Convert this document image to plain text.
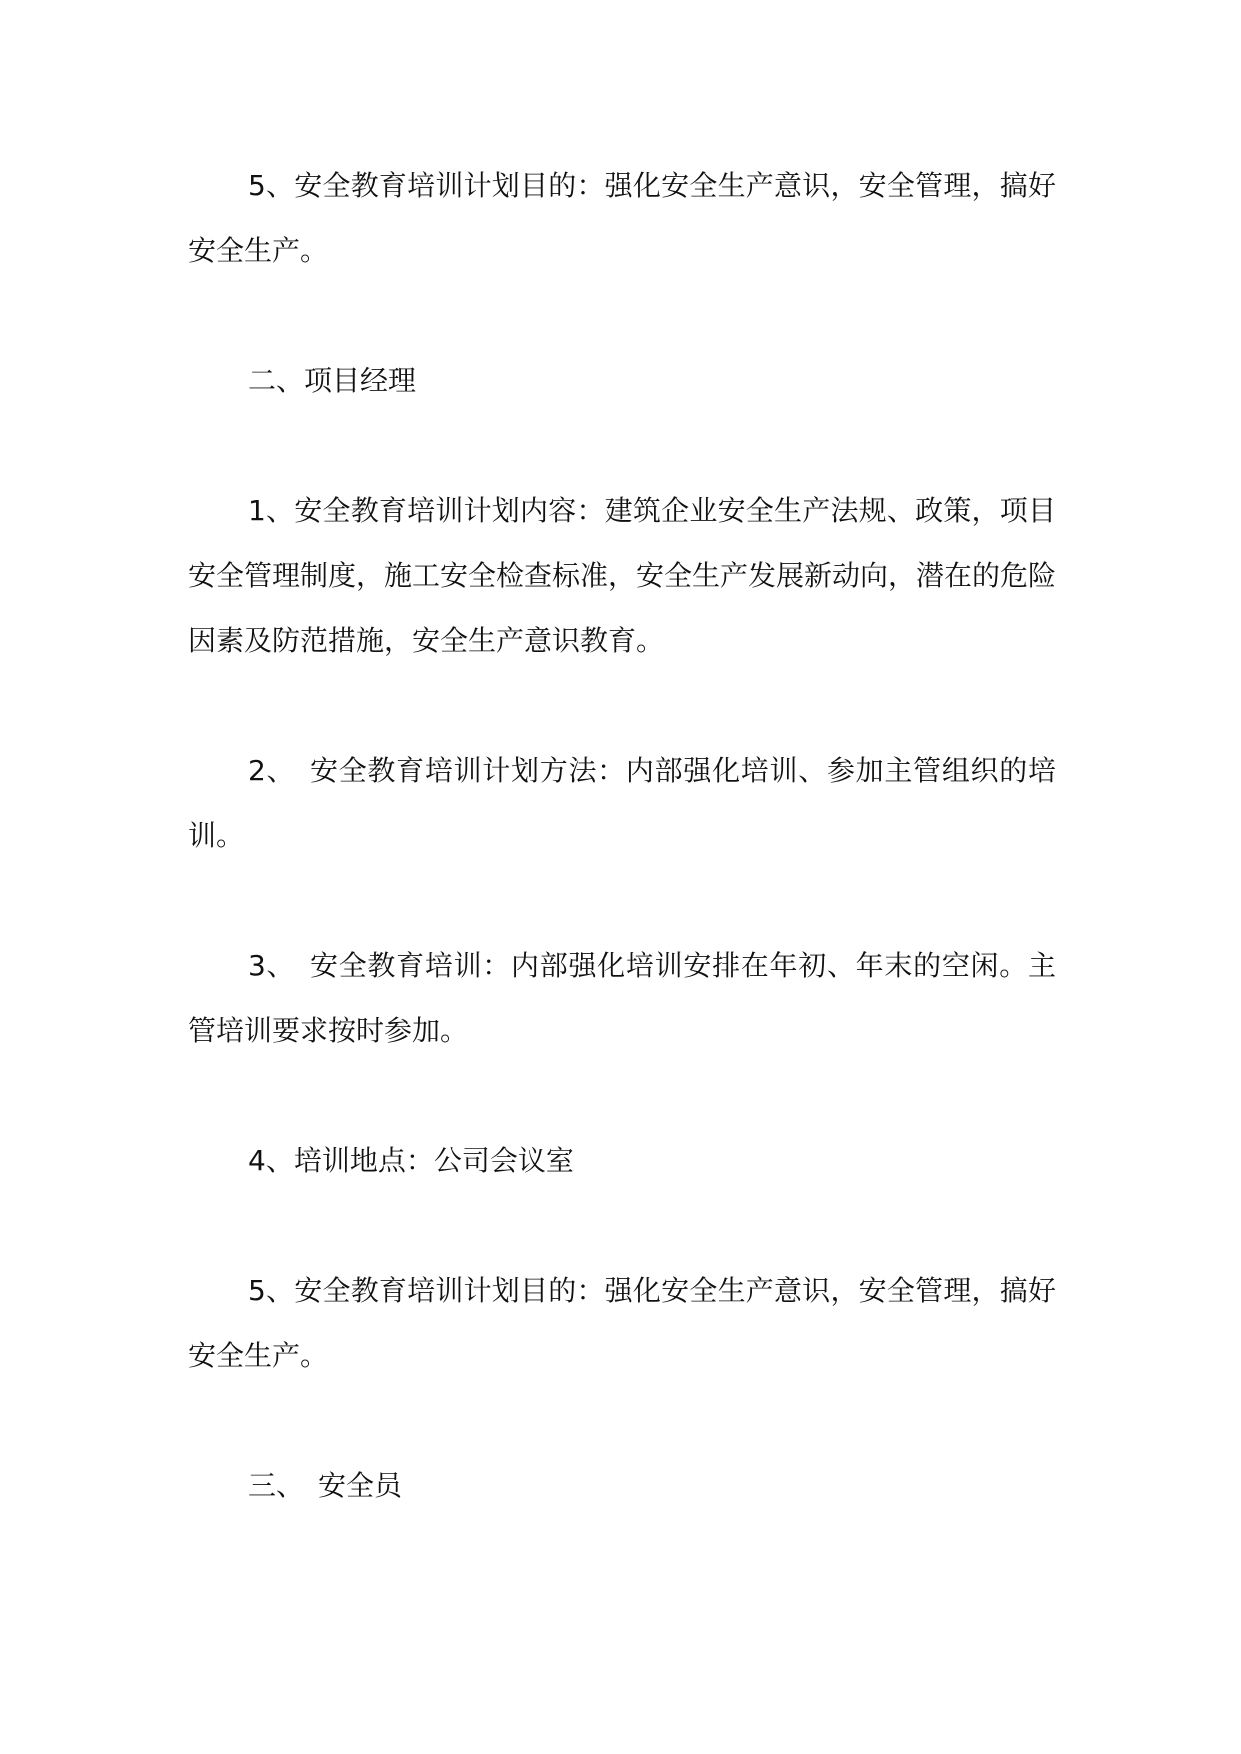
5、安全教育培训计划目的：强化安全生产意识，安全管理，搞好安全生产。

二、项目经理

1、安全教育培训计划内容：建筑企业安全生产法规、政策，项目安全管理制度，施工安全检查标准，安全生产发展新动向，潜在的危险因素及防范措施，安全生产意识教育。

2、　安全教育培训计划方法：内部强化培训、参加主管组织的培训。

3、　安全教育培训：内部强化培训安排在年初、年末的空闲。主管培训要求按时参加。

4、培训地点：公司会议室

5、安全教育培训计划目的：强化安全生产意识，安全管理，搞好安全生产。

三、　安全员
